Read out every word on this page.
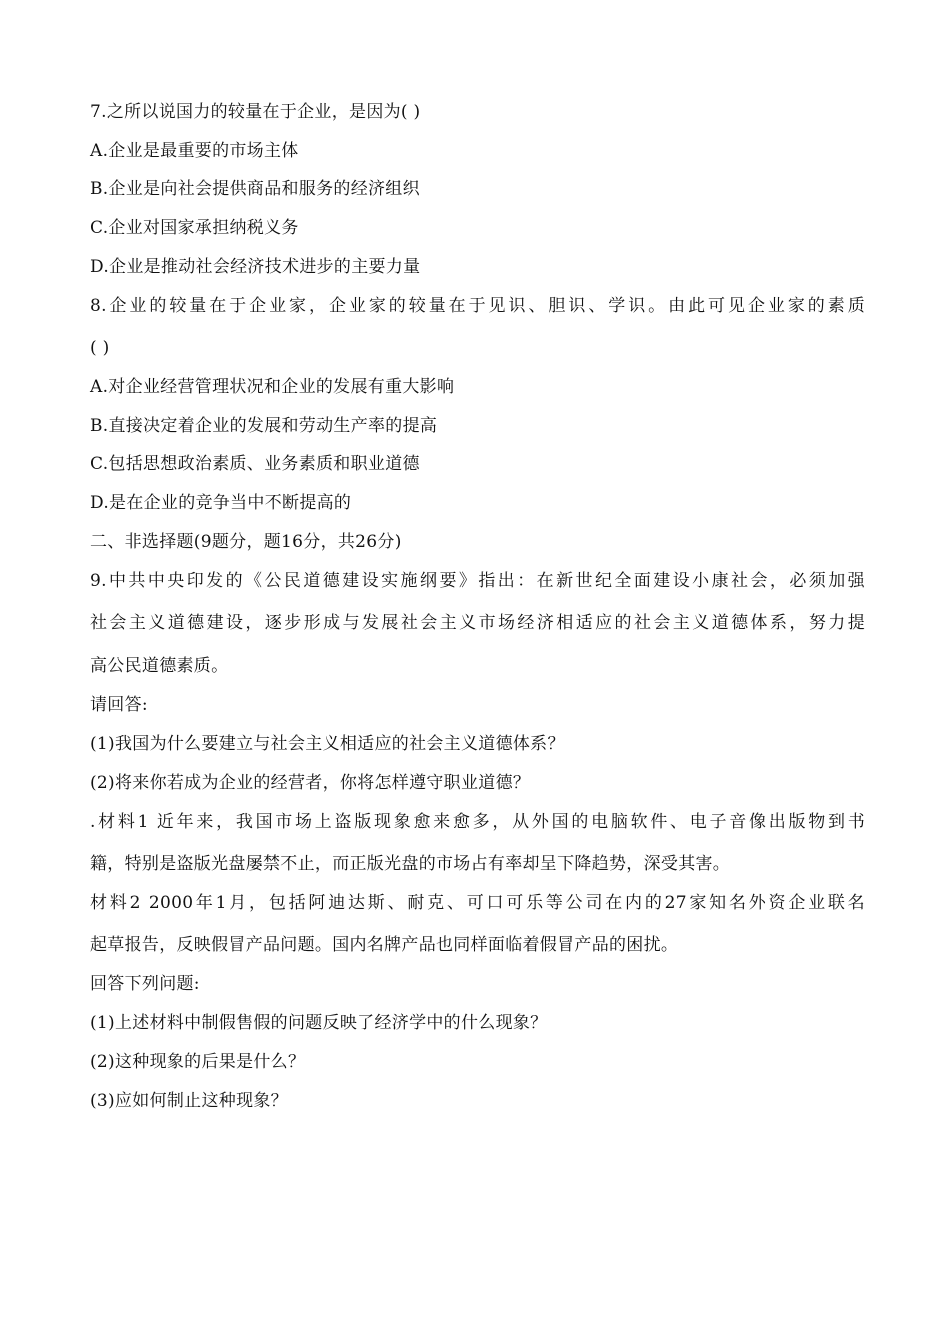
7.之所以说国力的较量在于企业，是因为( )
A.企业是最重要的市场主体
B.企业是向社会提供商品和服务的经济组织
C.企业对国家承担纳税义务
D.企业是推动社会经济技术进步的主要力量
8.企业的较量在于企业家，企业家的较量在于见识、胆识、学识。由此可见企业家的素质
( )
A.对企业经营管理状况和企业的发展有重大影响
B.直接决定着企业的发展和劳动生产率的提高
C.包括思想政治素质、业务素质和职业道德
D.是在企业的竞争当中不断提高的
二、非选择题(9题分，题16分，共26分)
9.中共中央印发的《公民道德建设实施纲要》指出：在新世纪全面建设小康社会，必须加强
社会主义道德建设，逐步形成与发展社会主义市场经济相适应的社会主义道德体系，努力提
高公民道德素质。
请回答:
(1)我国为什么要建立与社会主义相适应的社会主义道德体系？
(2)将来你若成为企业的经营者，你将怎样遵守职业道德？
.材料1 近年来，我国市场上盗版现象愈来愈多，从外国的电脑软件、电子音像出版物到书
籍，特别是盗版光盘屡禁不止，而正版光盘的市场占有率却呈下降趋势，深受其害。
材料2 2000年1月，包括阿迪达斯、耐克、可口可乐等公司在内的27家知名外资企业联名
起草报告，反映假冒产品问题。国内名牌产品也同样面临着假冒产品的困扰。
回答下列问题:
(1)上述材料中制假售假的问题反映了经济学中的什么现象？
(2)这种现象的后果是什么？
(3)应如何制止这种现象？
